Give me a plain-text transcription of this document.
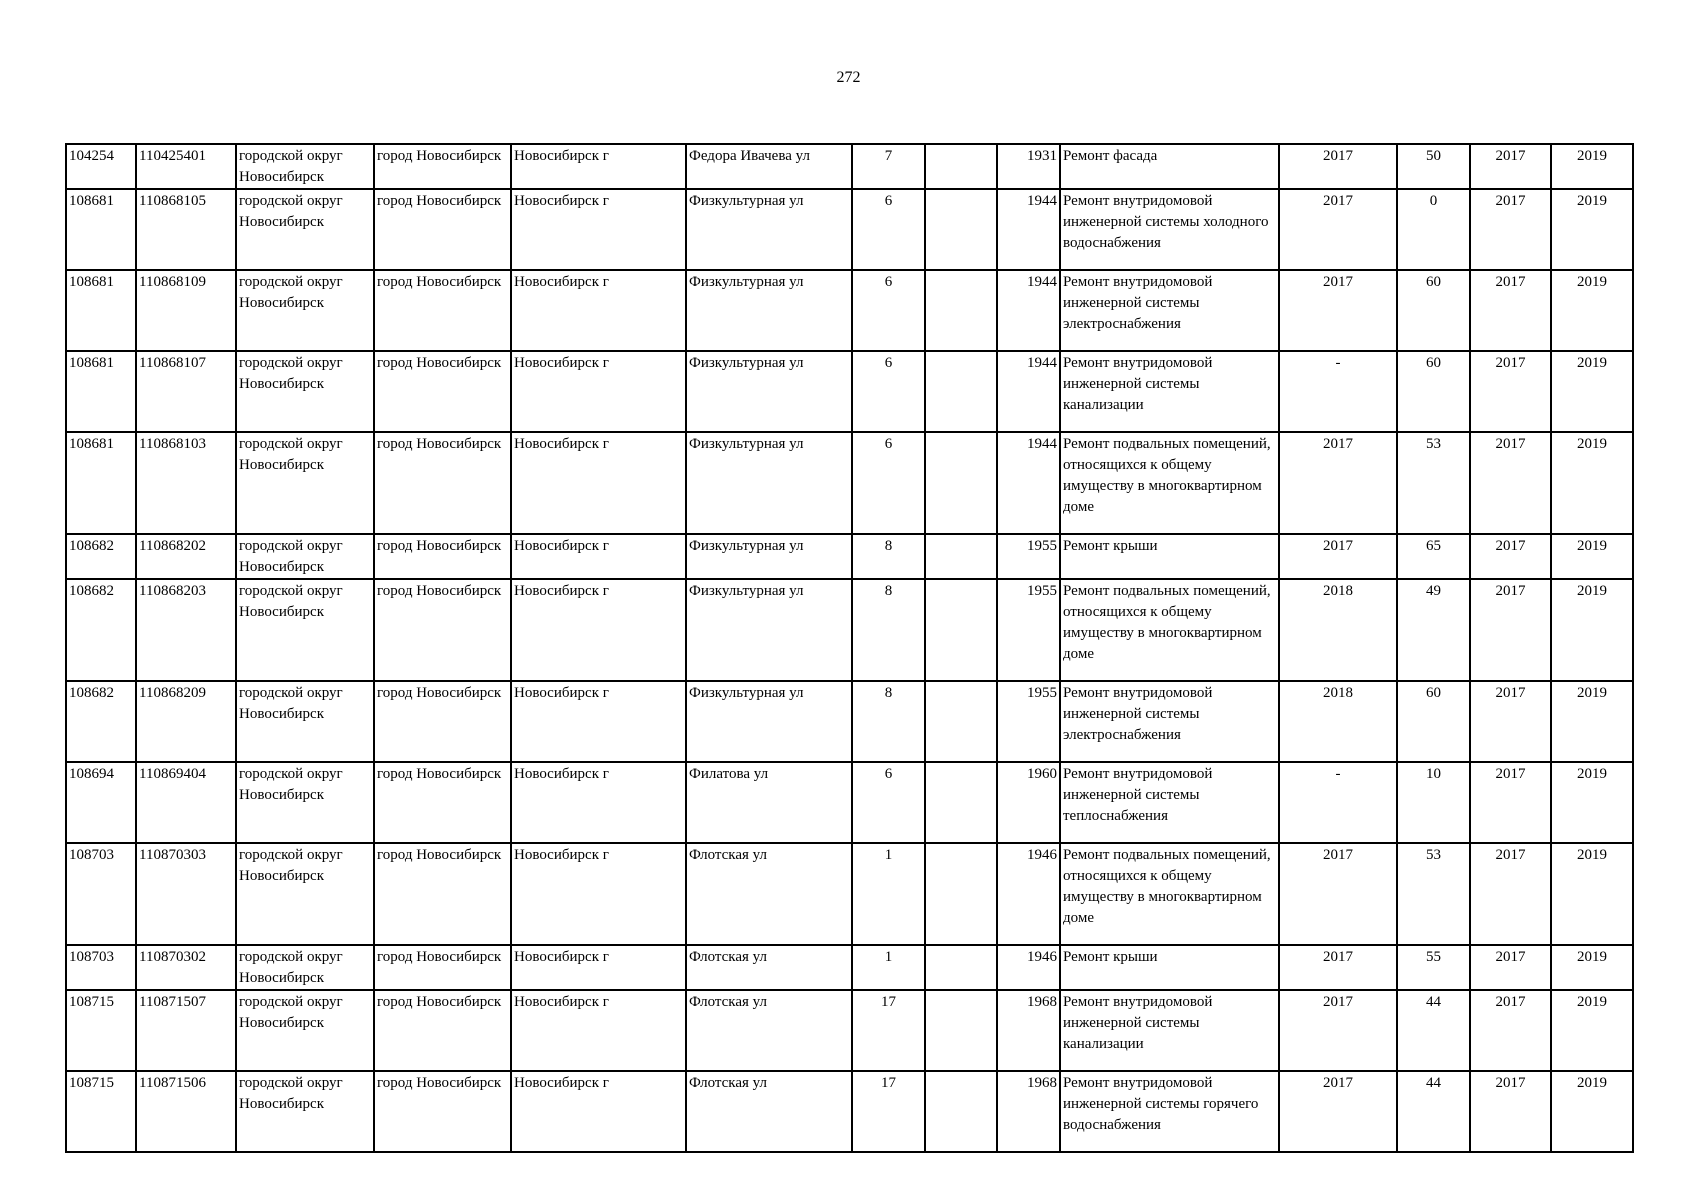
272
104254	110425401	городской округ Новосибирск	город Новосибирск	Новосибирск г	Федора Ивачева ул	7		1931	Ремонт фасада	2017	50	2017	2019
108681	110868105	городской округ Новосибирск	город Новосибирск	Новосибирск г	Физкультурная ул	6		1944	Ремонт внутридомовой инженерной системы холодного водоснабжения	2017	0	2017	2019
108681	110868109	городской округ Новосибирск	город Новосибирск	Новосибирск г	Физкультурная ул	6		1944	Ремонт внутридомовой инженерной системы электроснабжения	2017	60	2017	2019
108681	110868107	городской округ Новосибирск	город Новосибирск	Новосибирск г	Физкультурная ул	6		1944	Ремонт внутридомовой инженерной системы канализации	-	60	2017	2019
108681	110868103	городской округ Новосибирск	город Новосибирск	Новосибирск г	Физкультурная ул	6		1944	Ремонт подвальных помещений, относящихся к общему имуществу в многоквартирном доме	2017	53	2017	2019
108682	110868202	городской округ Новосибирск	город Новосибирск	Новосибирск г	Физкультурная ул	8		1955	Ремонт крыши	2017	65	2017	2019
108682	110868203	городской округ Новосибирск	город Новосибирск	Новосибирск г	Физкультурная ул	8		1955	Ремонт подвальных помещений, относящихся к общему имуществу в многоквартирном доме	2018	49	2017	2019
108682	110868209	городской округ Новосибирск	город Новосибирск	Новосибирск г	Физкультурная ул	8		1955	Ремонт внутридомовой инженерной системы электроснабжения	2018	60	2017	2019
108694	110869404	городской округ Новосибирск	город Новосибирск	Новосибирск г	Филатова ул	6		1960	Ремонт внутридомовой инженерной системы теплоснабжения	-	10	2017	2019
108703	110870303	городской округ Новосибирск	город Новосибирск	Новосибирск г	Флотская ул	1		1946	Ремонт подвальных помещений, относящихся к общему имуществу в многоквартирном доме	2017	53	2017	2019
108703	110870302	городской округ Новосибирск	город Новосибирск	Новосибирск г	Флотская ул	1		1946	Ремонт крыши	2017	55	2017	2019
108715	110871507	городской округ Новосибирск	город Новосибирск	Новосибирск г	Флотская ул	17		1968	Ремонт внутридомовой инженерной системы канализации	2017	44	2017	2019
108715	110871506	городской округ Новосибирск	город Новосибирск	Новосибирск г	Флотская ул	17		1968	Ремонт внутридомовой инженерной системы горячего водоснабжения	2017	44	2017	2019
